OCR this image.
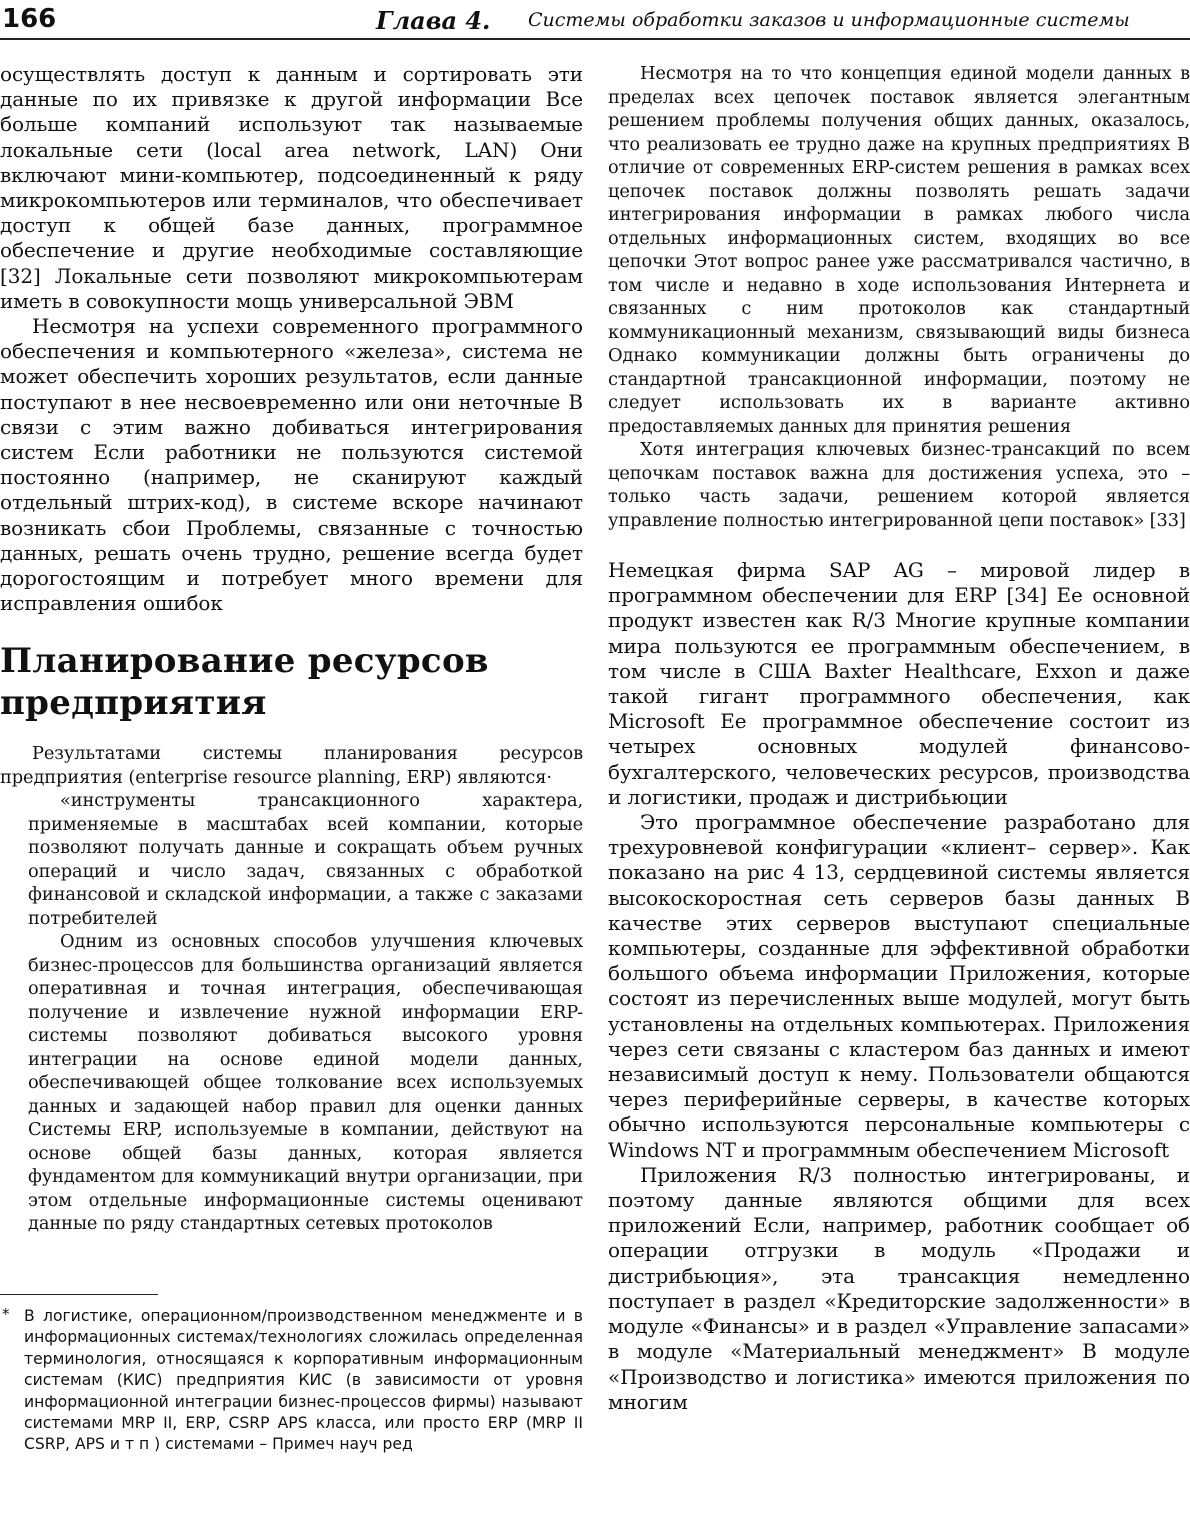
166	Глава 4. Системы обработки заказов и информационные системы

осуществлять доступ к данным и сортировать эти данные по их привязке к другой информации Все больше компаний используют так называемые локальные сети (local area network, LAN) Они включают мини-компьютер, подсоединенный к ряду микрокомпьютеров или терминалов, что обеспечивает доступ к общей базе данных, программное обеспечение и другие необходимые составляющие [32] Локальные сети позволяют микрокомпьютерам иметь в совокупности мощь универсальной ЭВМ

Несмотря на успехи современного программного обеспечения и компьютерного «железа», система не может обеспечить хороших результатов, если данные поступают в нее несвоевременно или они неточные В связи с этим важно добиваться интегрирования систем Если работники не пользуются системой постоянно (например, не сканируют каждый отдельный штрих-код), в системе вскоре начинают возникать сбои Проблемы, связанные с точностью данных, решать очень трудно, решение всегда будет дорогостоящим и потребует много времени для исправления ошибок

Планирование ресурсов предприятия

Результатами системы планирования ресурсов предприятия (enterprise resource planning, ERP) являются·

«инструменты трансакционного характера, применяемые в масштабах всей компании, которые позволяют получать данные и сокращать объем ручных операций и число задач, связанных с обработкой финансовой и складской информации, а также с заказами потребителей

Одним из основных способов улучшения ключевых бизнес-процессов для большинства организаций является оперативная и точная интеграция, обеспечивающая получение и извлечение нужной информации ERP-системы позволяют добиваться высокого уровня интеграции на основе единой модели данных, обеспечивающей общее толкование всех используемых данных и задающей набор правил для оценки данных Системы ERP, используемые в компании, действуют на основе общей базы данных, которая является фундаментом для коммуникаций внутри организации, при этом отдельные информационные системы оценивают данные по ряду стандартных сетевых протоколов

* В логистике, операционном/производственном менеджменте и в информационных системах/технологиях сложилась определенная терминология, относящаяся к корпоративным информационным системам (КИС) предприятия КИС (в зависимости от уровня информационной интеграции бизнес-процессов фирмы) называют системами MRP II, ERP, CSRP APS класса, или просто ERP (MRP II CSRP, APS и т п ) системами – Примеч науч ред

Несмотря на то что концепция единой модели данных в пределах всех цепочек поставок является элегантным решением проблемы получения общих данных, оказалось, что реализовать ее трудно даже на крупных предприятиях В отличие от современных ERP-систем решения в рамках всех цепочек поставок должны позволять решать задачи интегрирования информации в рамках любого числа отдельных информационных систем, входящих во все цепочки Этот вопрос ранее уже рассматривался частично, в том числе и недавно в ходе использования Интернета и связанных с ним протоколов как стандартный коммуникационный механизм, связывающий виды бизнеса Однако коммуникации должны быть ограничены до стандартной трансакционной информации, поэтому не следует использовать их в варианте активно предоставляемых данных для принятия решения

Хотя интеграция ключевых бизнес-трансакций по всем цепочкам поставок важна для достижения успеха, это – только часть задачи, решением которой является управление полностью интегрированной цепи поставок» [33]

Немецкая фирма SAP AG – мировой лидер в программном обеспечении для ERP [34] Ее основной продукт известен как R/3 Многие крупные компании мира пользуются ее программным обеспечением, в том числе в США Baxter Healthcare, Exxon и даже такой гигант программного обеспечения, как Microsoft Ее программное обеспечение состоит из четырех основных модулей финансово-бухгалтерского, человеческих ресурсов, производства и логистики, продаж и дистрибьюции

Это программное обеспечение разработано для трехуровневой конфигурации «клиент– сервер». Как показано на рис 4 13, сердцевиной системы является высокоскоростная сеть серверов базы данных В качестве этих серверов выступают специальные компьютеры, созданные для эффективной обработки большого объема информации Приложения, которые состоят из перечисленных выше модулей, могут быть установлены на отдельных компьютерах. Приложения через сети связаны с кластером баз данных и имеют независимый доступ к нему. Пользователи общаются через периферийные серверы, в качестве которых обычно используются персональные компьютеры с Windows NT и программным обеспечением Microsoft

Приложения R/3 полностью интегрированы, и поэтому данные являются общими для всех приложений Если, например, работник сообщает об операции отгрузки в модуль «Продажи и дистрибьюция», эта трансакция немедленно поступает в раздел «Кредиторские задолженности» в модуле «Финансы» и в раздел «Управление запасами» в модуле «Материальный менеджмент» В модуле «Производство и логистика» имеются приложения по многим
